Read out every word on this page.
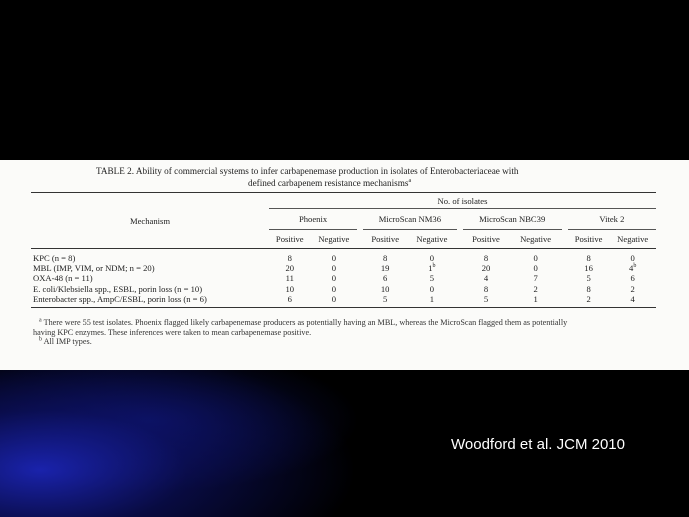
TABLE 2. Ability of commercial systems to infer carbapenemase production in isolates of Enterobacteriaceae with
defined carbapenem resistance mechanisms$^a$
Mechanism	No. of isolates										
	Phoenix			MicroScan NM36			MicroScan NBC39			Vitek 2	
	Positive	Negative		Positive	Negative		Positive	Negative		Positive	Negative
KPC (n = 8)	8	0		8	0		8	0		8	0
MBL (IMP, VIM, or NDM; n = 20)	20	0		19	1$^b$		20	0		16	4$^b$
OXA-48 (n = 11)	11	0		6	5		4	7		5	6
E. coli/Klebsiella spp., ESBL, porin loss (n = 10)	10	0		10	0		8	2		8	2
Enterobacter spp., AmpC/ESBL, porin loss (n = 6)	6	0		5	1		5	1		2	4
$^a$ There were 55 test isolates. Phoenix flagged likely carbapenemase producers as potentially having an MBL, whereas the MicroScan flagged them as potentially
having KPC enzymes. These inferences were taken to mean carbapenemase positive.
$^b$ All IMP types.
Woodford et al. JCM 2010
